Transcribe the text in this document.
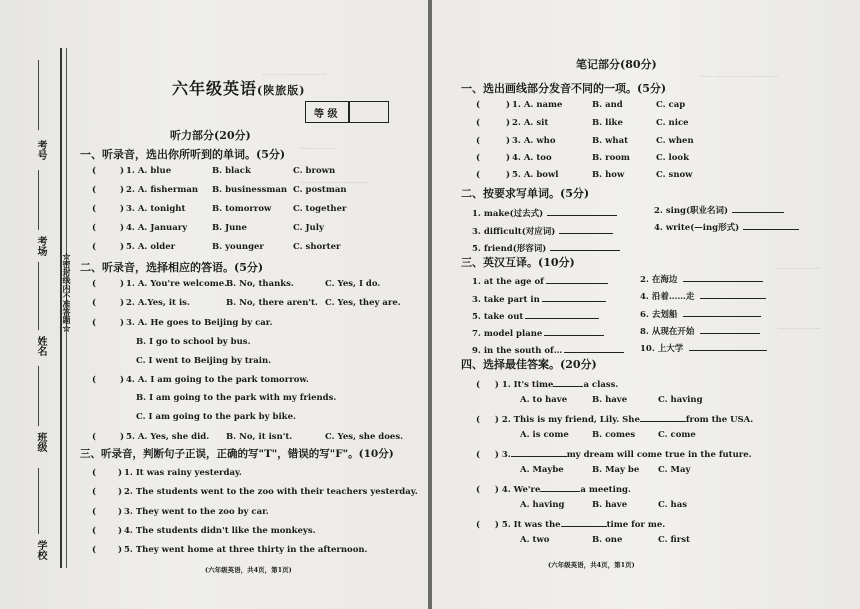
考号
考场
姓名
班级
学校
☆密封线内不准答题☆
.........................
..............
............................
六年级英语(陕旅版)
等 级
听力部分(20分)
一、听录音，选出你所听到的单词。(5分)
(	) 1. A. blue	B. black	C. brown
(	) 2. A. fisherman B. businessman C. postman
(	) 3. A. tonight	B. tomorrow	C. together
(	) 4. A. January	B. June	C. July
(	) 5. A. older	B. younger	C. shorter
二、听录音，选择相应的答语。(5分)
(	) 1. A. You're welcome.
B. No, thanks.	C. Yes, I do.
(	) 2. A.Yes, it is.	B. No, there aren't. C. Yes, they are.
(	) 3. A. He goes to Beijing by car.
B. I go to school by bus.
C. I went to Beijing by train.
(	) 4. A. I am going to the park tomorrow.
B. I am going to the park with my friends.
C. I am going to the park by bike.
(	) 5. A. Yes, she did. B. No, it isn't.	C. Yes, she does.
三、听录音，判断句子正误，正确的写"T"，错误的写"F"。(10分)
(	) 1. It was rainy yesterday.
(	) 2. The students went to the zoo with their teachers yesterday.
(	) 3. They went to the zoo by car.
(	) 4. The students didn't like the monkeys.
(	) 5. They went home at three thirty in the afternoon.
(六年级英语，共4页，第1页)
...............................
.................
.................
笔记部分(80分)
一、选出画线部分发音不同的一项。(5分)
(	) 1. A. name	B. and	C. cap
(	) 2. A. sit	B. like	C. nice
(	) 3. A. who	B. what	C. when
(	) 4. A. too	B. room	C. look
(	) 5. A. bowl	B. how	C. snow
二、按要求写单词。(5分)
1. make(过去式)	2. sing(职业名词)
3. difficult(对应词)	4. write(—ing形式)
5. friend(形容词)
三、英汉互译。(10分)
1. at the age of	2. 在海边
3. take part in	4. 沿着……走
5. take out	6. 去划船
7. model plane	8. 从现在开始
9. in the south of…	10. 上大学
四、选择最佳答案。(20分)
(     ) 1. It's time	a class.
A. to have	B. have	C. having
(     ) 2. This is my friend, Lily. She	from the USA.
A. is come	B. comes	C. come
(     ) 3.	my dream will come true in the future.
A. Maybe	B. May be C. May
(     ) 4. We're	a meeting.
A. having	B. have	C. has
(     ) 5. It was the	time for me.
A. two	B. one	C. first
(六年级英语，共4页，第1页)
